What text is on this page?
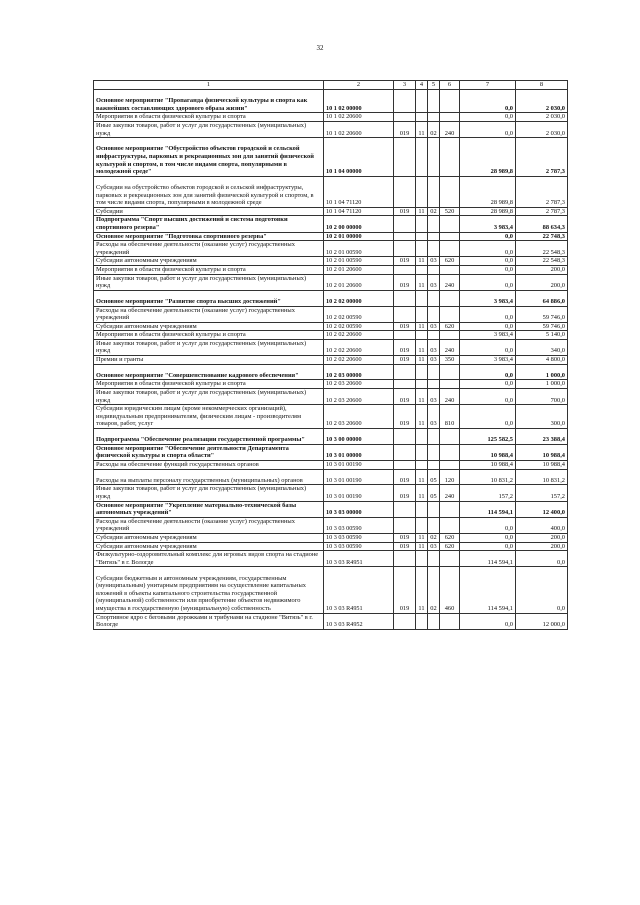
32
1	2	3	4	5	6	7	8
Основное мероприятие "Пропаганда физической культуры и спорта как важнейших составляющих здорового образа жизни"	10 1 02 00000					0,0	2 030,0
Мероприятия в области физической культуры и спорта	10 1 02 20600					0,0	2 030,0
Иные закупки товаров, работ и услуг для государственных (муниципальных) нужд	10 1 02 20600	019	11	02	240	0,0	2 030,0
Основное мероприятие "Обустройство объектов городской и сельской инфраструктуры, парковых и рекреационных зон для занятий физической культурой и спортом, в том числе видами спорта, популярными в молодежной среде"	10 1 04 00000					28 989,8	2 787,3
Субсидии на обустройство объектов городской и сельской инфраструктуры, парковых и рекреационных зон для занятий физической культурой и спортом, в том числе видами спорта, популярными в молодежной среде	10 1 04 71120					28 989,8	2 787,3
Субсидии	10 1 04 71120	019	11	02	520	28 989,8	2 787,3
Подпрограмма "Спорт высших достижений и система подготовки спортивного резерва"	10 2 00 00000					3 983,4	88 634,3
Основное мероприятие "Подготовка спортивного резерва"	10 2 01 00000					0,0	22 748,3
Расходы на обеспечение деятельности (оказание услуг) государственных учреждений	10 2 01 00590					0,0	22 548,3
Субсидии автономным учреждениям	10 2 01 00590	019	11	03	620	0,0	22 548,3
Мероприятия в области физической культуры и спорта	10 2 01 20600					0,0	200,0
Иные закупки товаров, работ и услуг для государственных (муниципальных) нужд	10 2 01 20600	019	11	03	240	0,0	200,0
Основное мероприятие "Развитие спорта высших достижений"	10 2 02 00000					3 983,4	64 886,0
Расходы на обеспечение деятельности (оказание услуг) государственных учреждений	10 2 02 00590					0,0	59 746,0
Субсидии автономным учреждениям	10 2 02 00590	019	11	03	620	0,0	59 746,0
Мероприятия в области физической культуры и спорта	10 2 02 20600					3 983,4	5 140,0
Иные закупки товаров, работ и услуг для государственных (муниципальных) нужд	10 2 02 20600	019	11	03	240	0,0	340,0
Премии и гранты	10 2 02 20600	019	11	03	350	3 983,4	4 800,0
Основное мероприятие "Совершенствование кадрового обеспечения"	10 2 03 00000					0,0	1 000,0
Мероприятия в области физической культуры и спорта	10 2 03 20600					0,0	1 000,0
Иные закупки товаров, работ и услуг для государственных (муниципальных) нужд	10 2 03 20600	019	11	03	240	0,0	700,0
Субсидии юридическим лицам (кроме некоммерческих организаций), индивидуальным предпринимателям, физическим лицам - производителям товаров, работ, услуг	10 2 03 20600	019	11	03	810	0,0	300,0
Подпрограмма "Обеспечение реализации государственной программы"	10 3 00 00000					125 582,5	23 388,4
Основное мероприятие "Обеспечение деятельности Департамента физической культуры и спорта области"	10 3 01 00000					10 988,4	10 988,4
Расходы на обеспечение функций государственных органов	10 3 01 00190					10 988,4	10 988,4
Расходы на выплаты персоналу государственных (муниципальных) органов	10 3 01 00190	019	11	05	120	10 831,2	10 831,2
Иные закупки товаров, работ и услуг для государственных (муниципальных) нужд	10 3 01 00190	019	11	05	240	157,2	157,2
Основное мероприятие "Укрепление материально-технической базы автономных учреждений"	10 3 03 00000					114 594,1	12 400,0
Расходы на обеспечение деятельности (оказание услуг) государственных учреждений	10 3 03 00590					0,0	400,0
Субсидии автономным учреждениям	10 3 03 00590	019	11	02	620	0,0	200,0
Субсидии автономным учреждениям	10 3 03 00590	019	11	03	620	0,0	200,0
Физкультурно-оздоровительный комплекс для игровых видов спорта на стадионе "Витязь" в г. Вологде	10 3 03 R4951					114 594,1	0,0
Субсидии бюджетным и автономным учреждениям, государственным (муниципальным) унитарным предприятиям на осуществление капитальных вложений в объекты капитального строительства государственной (муниципальной) собственности или приобретение объектов недвижимого имущества в государственную (муниципальную) собственность	10 3 03 R4951	019	11	02	460	114 594,1	0,0
Спортивное ядро с беговыми дорожками и трибунами на стадионе "Витязь" в г. Вологде	10 3 03 R4952					0,0	12 000,0
